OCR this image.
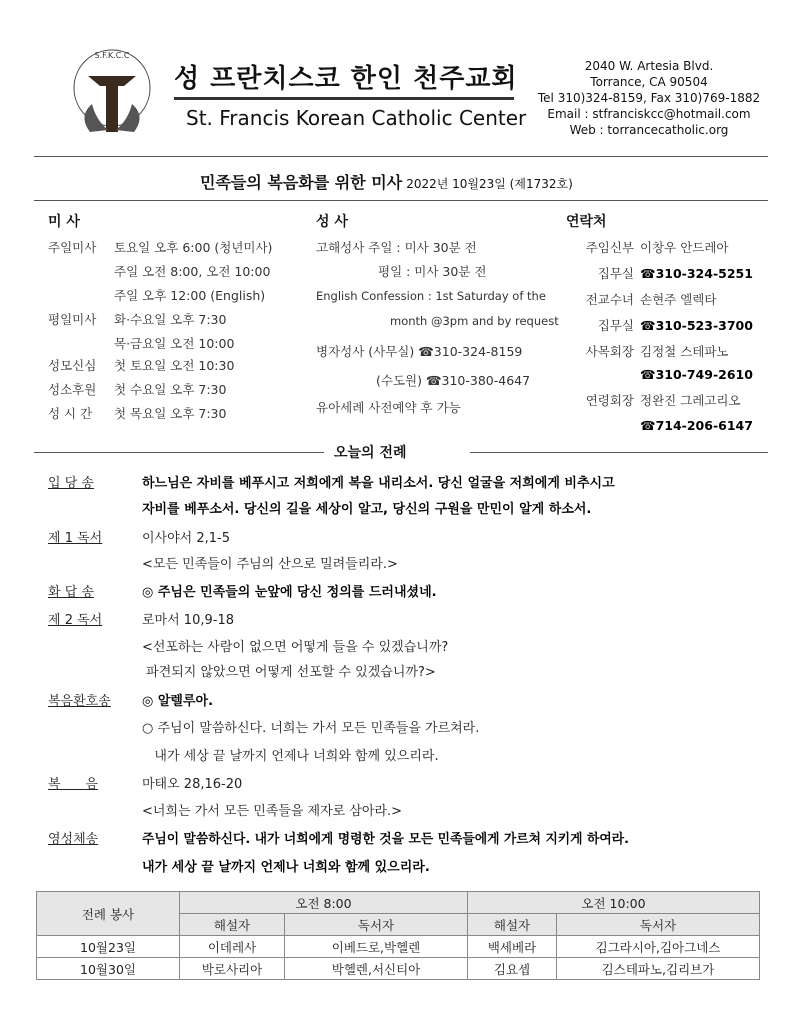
S.F.K.C.C
성 프란치스코 한인 천주교회
St. Francis Korean Catholic Center
2040 W. Artesia Blvd.
Torrance, CA 90504
Tel 310)324-8159, Fax 310)769-1882
Email : stfranciskcc@hotmail.com
Web : torrancecatholic.org
민족들의 복음화를 위한 미사 2022년 10월23일 (제1732호)
미 사
주일미사 토요일 오후 6:00 (청년미사)
주일 오전 8:00, 오전 10:00
주일 오후 12:00 (English)
평일미사 화·수요일 오후 7:30
목·금요일 오전 10:00
성모신심 첫 토요일 오전 10:30
성소후원 첫 수요일 오후 7:30
성 시 간 첫 목요일 오후 7:30
성 사
고해성사 주일 : 미사 30분 전
평일 : 미사 30분 전
English Confession : 1st Saturday of the
month @3pm and by request
병자성사 (사무실) ☎310-324-8159
(수도원) ☎310-380-4647
유아세례 사전예약 후 가능
연락처
주임신부 이창우 안드레아
집무실 ☎310-324-5251
전교수녀 손현주 엘렉타
집무실 ☎310-523-3700
사목회장 김정철 스테파노
☎310-749-2610
연령회장 정완진 그레고리오
☎714-206-6147
오늘의 전례
입 당 송	하느님은 자비를 베푸시고 저희에게 복을 내리소서. 당신 얼굴을 저희에게 비추시고
자비를 베푸소서. 당신의 길을 세상이 알고, 당신의 구원을 만민이 알게 하소서.
제 1 독서	이사야서 2,1-5
<모든 민족들이 주님의 산으로 밀려들리라.>
화 답 송	◎ 주님은 민족들의 눈앞에 당신 정의를 드러내셨네.
제 2 독서	로마서 10,9-18
<선포하는 사람이 없으면 어떻게 들을 수 있겠습니까?
파견되지 않았으면 어떻게 선포할 수 있겠습니까?>
복음환호송 ◎ 알렐루아.
○ 주님이 말씀하신다. 너희는 가서 모든 민족들을 가르쳐라.
내가 세상 끝 날까지 언제나 너희와 함께 있으리라.
복      음	마태오 28,16-20
<너희는 가서 모든 민족들을 제자로 삼아라.>
영성체송	주님이 말씀하신다. 내가 너희에게 명령한 것을 모든 민족들에게 가르쳐 지키게 하여라.
내가 세상 끝 날까지 언제나 너희와 함께 있으리라.
전례 봉사	오전 8:00		오전 10:00	
	해설자	독서자	해설자	독서자
10월23일	이데레사	이베드로,박헬렌	백세베라	김그라시아,김아그네스
10월30일	박로사리아	박헬렌,서신티아	김요셉	김스테파노,김리브가
